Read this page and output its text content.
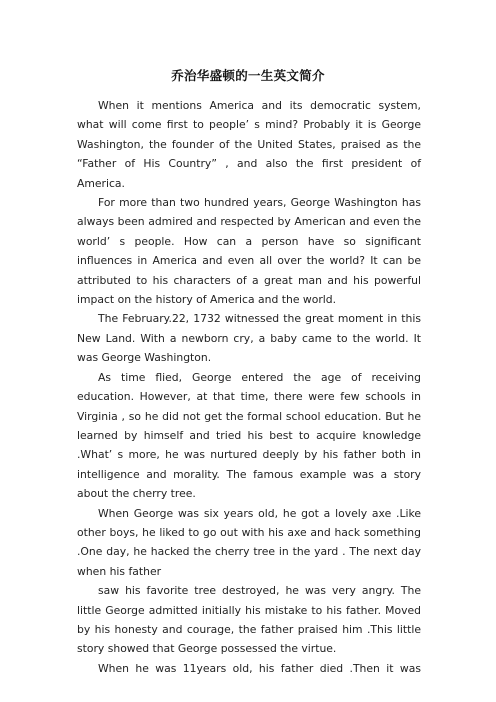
乔治华盛顿的一生英文简介

When it mentions America and its democratic system, what will come first to people’ s mind? Probably it is George Washington, the founder of the United States, praised as the “Father of His Country” , and also the first president of America.

For more than two hundred years, George Washington has always been admired and respected by American and even the world’ s people. How can a person have so significant influences in America and even all over the world? It can be attributed to his characters of a great man and his powerful impact on the history of America and the world.

The February.22, 1732 witnessed the great moment in this New Land. With a newborn cry, a baby came to the world. It was George Washington.

As time flied, George entered the age of receiving education. However, at that time, there were few schools in Virginia , so he did not get the formal school education. But he learned by himself and tried his best to acquire knowledge .What’ s more, he was nurtured deeply by his father both in intelligence and morality. The famous example was a story about the cherry tree.

When George was six years old, he got a lovely axe .Like other boys, he liked to go out with his axe and hack something .One day, he hacked the cherry tree in the yard . The next day when his father

saw his favorite tree destroyed, he was very angry. The little George admitted initially his mistake to his father. Moved by his honesty and courage, the father praised him .This little story showed that George possessed the virtue.

When he was 11years old, his father died .Then it was
